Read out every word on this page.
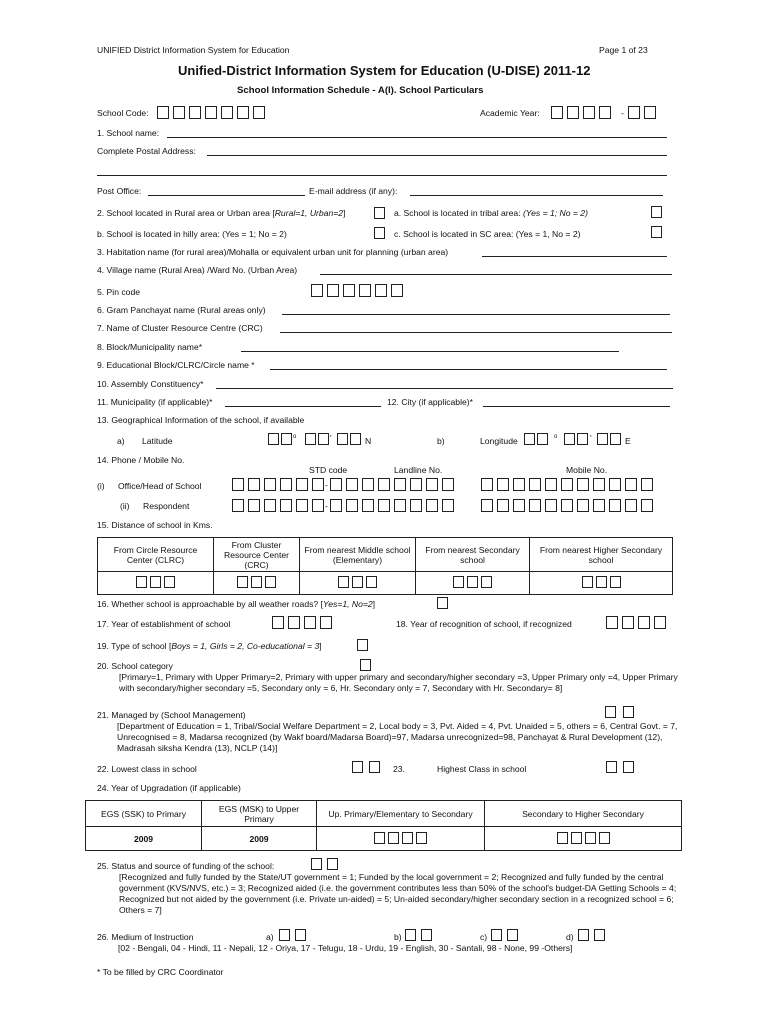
UNIFIED District Information System for Education	Page 1 of 23
Unified-District Information System for Education (U-DISE) 2011-12
School Information Schedule - A(I). School Particulars
School Code:	Academic Year:	-
1. School name:
Complete Postal Address:
Post Office:	E-mail address (if any):
2. School located in Rural area or Urban area [Rural=1, Urban=2]	a. School is located in tribal area: (Yes = 1; No = 2)
b. School is located in hilly area: (Yes = 1; No = 2)	c. School is located in SC area: (Yes = 1, No = 2)
3. Habitation name (for rural area)/Mohalla or equivalent urban unit for planning (urban area)
4. Village name (Rural Area) /Ward No. (Urban Area)
5. Pin code
6. Gram Panchayat name (Rural areas only)
7. Name of Cluster Resource Centre (CRC)
8. Block/Municipality name*
9. Educational Block/CLRC/Circle name *
10. Assembly Constituency*
11. Municipality (if applicable)*	12. City (if applicable)*
13. Geographical Information of the school, if available
a) Latitude	o	'	N	b)	Longitude	o	'	E
14. Phone / Mobile No.
STD code	Landline No.	Mobile No.
(i) Office/Head of School	-
(ii) Respondent	-
15. Distance of school in Kms.
From Circle Resource Center (CLRC)	From Cluster Resource Center (CRC)	From nearest Middle school (Elementary)	From nearest Secondary school	From nearest Higher Secondary school

16. Whether school is approachable by all weather roads? [Yes=1, No=2]
17. Year of establishment of school	18. Year of recognition of school, if recognized
19. Type of school [Boys = 1, Girls = 2, Co-educational = 3]
20. School category
[Primary=1, Primary with Upper Primary=2, Primary with upper primary and secondary/higher secondary =3, Upper Primary only =4, Upper Primary with secondary/higher secondary =5, Secondary only = 6, Hr. Secondary only = 7, Secondary with Hr. Secondary= 8]
21. Managed by (School Management)
[Department of Education = 1, Tribal/Social Welfare Department = 2, Local body = 3, Pvt. Aided = 4, Pvt. Unaided = 5, others = 6, Central Govt. = 7, Unrecognised = 8, Madarsa recognized (by Wakf board/Madarsa Board)=97, Madarsa unrecognized=98, Panchayat & Rural Development (12), Madrasah siksha Kendra (13), NCLP (14)]
22. Lowest class in school	23.	Highest Class in school
24. Year of Upgradation (if applicable)
EGS (SSK) to Primary	EGS (MSK) to Upper Primary	Up. Primary/Elementary to Secondary	Secondary to Higher Secondary
2009	2009	

25. Status and source of funding of the school:
[Recognized and fully funded by the State/UT government = 1; Funded by the local government = 2; Recognized and fully funded by the central government (KVS/NVS, etc.) = 3; Recognized aided (i.e. the government contributes less than 50% of the school's budget-DA Getting Schools = 4; Recognized but not aided by the government (i.e. Private un-aided) = 5; Un-aided secondary/higher secondary section in a recognized school = 6; Others = 7]
26. Medium of Instruction	a)	b)	c)	d)
[02 - Bengali, 04 - Hindi, 11 - Nepali, 12 - Oriya, 17 - Telugu, 18 - Urdu, 19 - English, 30 - Santali, 98 - None, 99 -Others]
* To be filled by CRC Coordinator
